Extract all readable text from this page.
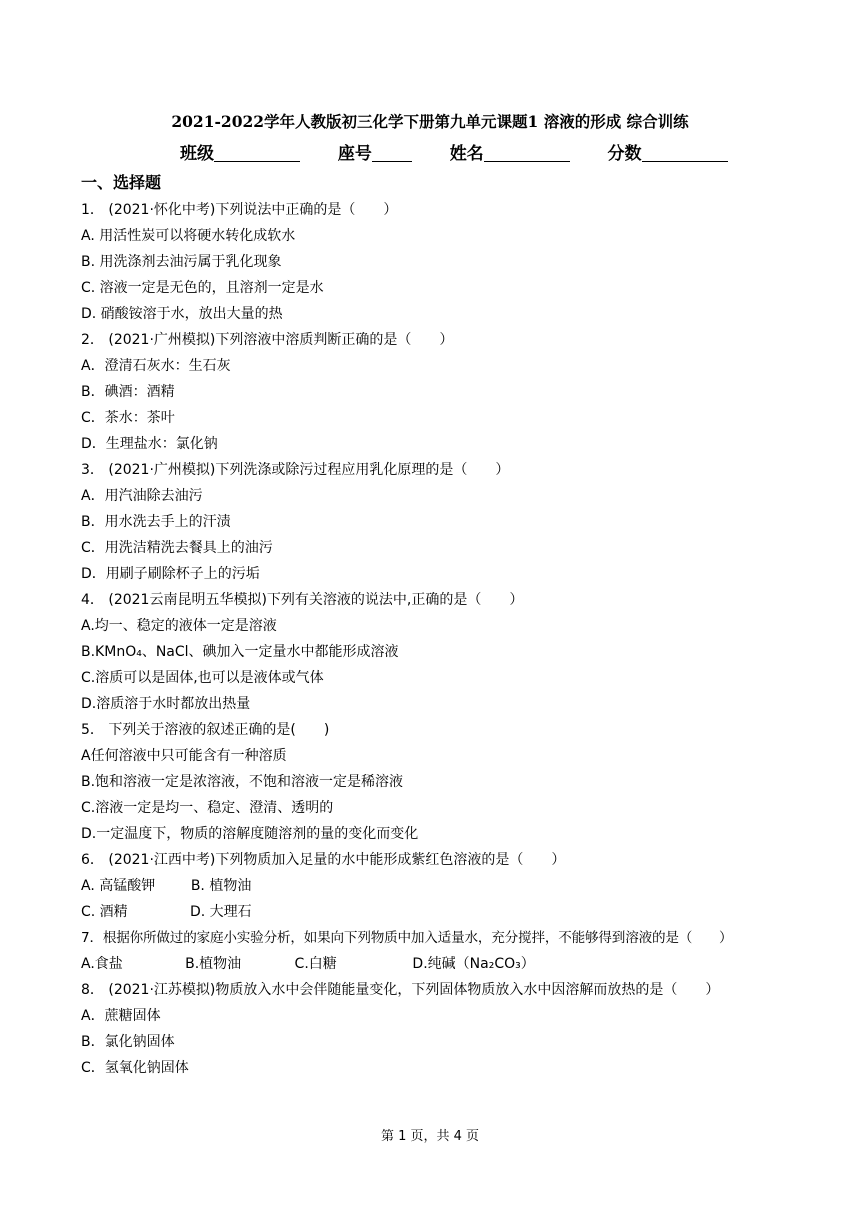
2021-2022学年人教版初三化学下册第九单元课题1 溶液的形成 综合训练
班级	座号	姓名	分数
一、选择题
1． (2021·怀化中考)下列说法中正确的是（　　）
A. 用活性炭可以将硬水转化成软水
B. 用洗涤剂去油污属于乳化现象
C. 溶液一定是无色的，且溶剂一定是水
D. 硝酸铵溶于水，放出大量的热
2． (2021·广州模拟)下列溶液中溶质判断正确的是（　　）
A．澄清石灰水：生石灰
B．碘酒：酒精
C．茶水：茶叶
D．生理盐水：氯化钠
3． (2021·广州模拟)下列洗涤或除污过程应用乳化原理的是（　　）
A．用汽油除去油污
B．用水洗去手上的汗渍
C．用洗洁精洗去餐具上的油污
D．用刷子刷除杯子上的污垢
4． (2021云南昆明五华模拟)下列有关溶液的说法中,正确的是（　　）
A.均一、稳定的液体一定是溶液
B.KMnO₄、NaCl、碘加入一定量水中都能形成溶液
C.溶质可以是固体,也可以是液体或气体
D.溶质溶于水时都放出热量
5． 下列关于溶液的叙述正确的是(　　)
A任何溶液中只可能含有一种溶质
B.饱和溶液一定是浓溶液，不饱和溶液一定是稀溶液
C.溶液一定是均一、稳定、澄清、透明的
D.一定温度下，物质的溶解度随溶剂的量的变化而变化
6． (2021·江西中考)下列物质加入足量的水中能形成紫红色溶液的是（　　）
A. 高锰酸钾        B. 植物油
C. 酒精              D. 大理石
7．根据你所做过的家庭小实验分析，如果向下列物质中加入适量水，充分搅拌，不能够得到溶液的是（　　）
A.食盐              B.植物油            C.白糖                 D.纯碱（Na₂CO₃）
8． (2021·江苏模拟)物质放入水中会伴随能量变化，下列固体物质放入水中因溶解而放热的是（　　）
A．蔗糖固体
B．氯化钠固体
C．氢氧化钠固体
第 1 页，共 4 页
